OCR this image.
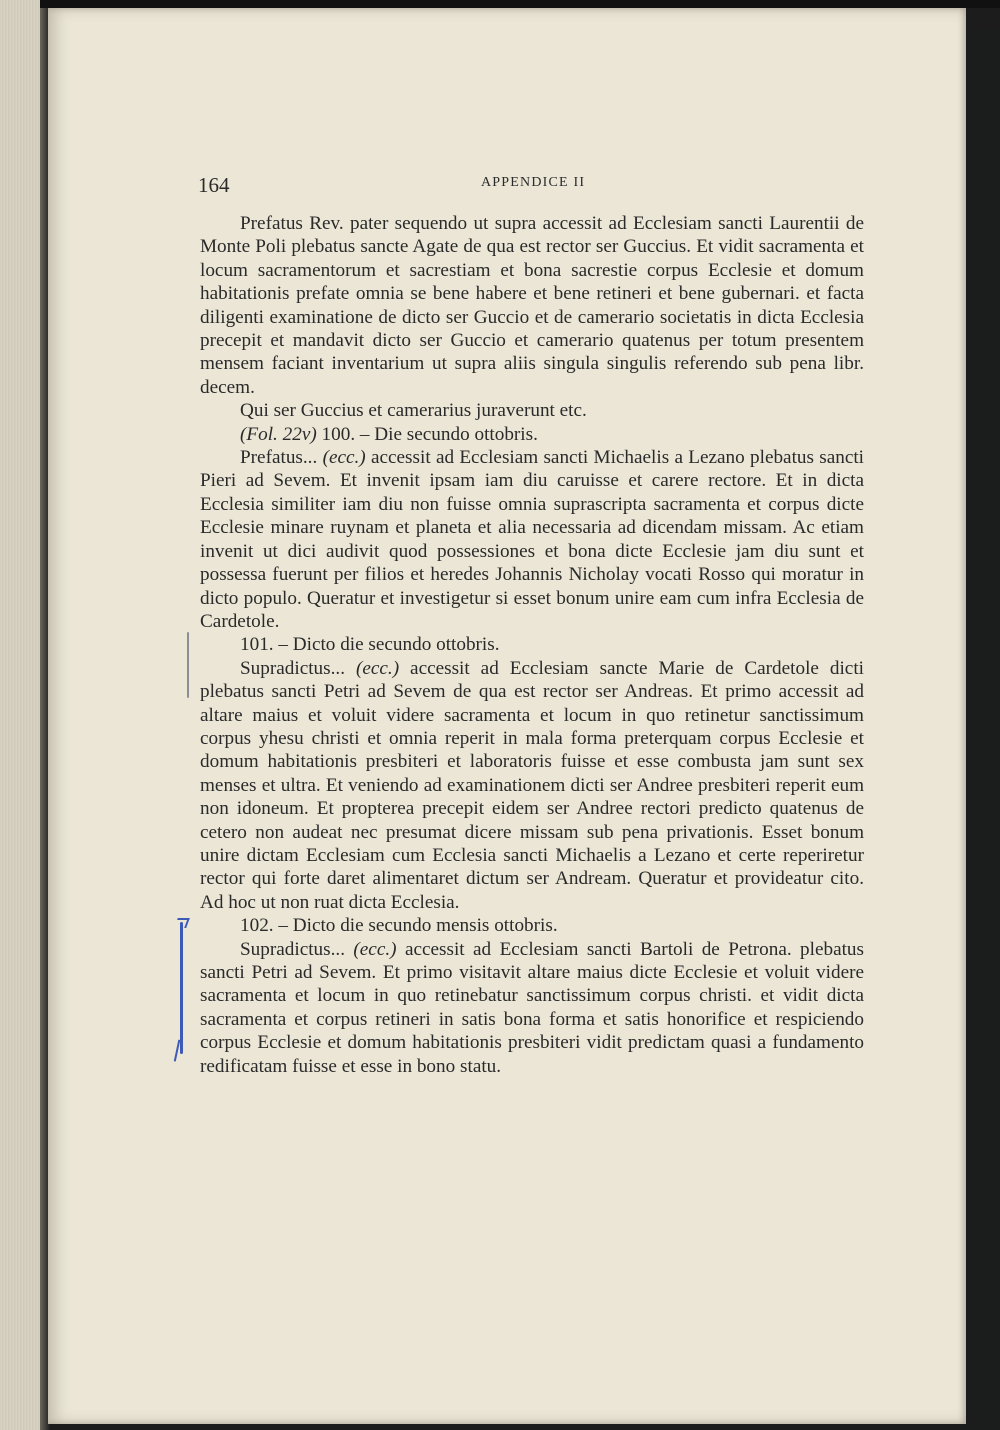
164	APPENDICE II

Prefatus Rev. pater sequendo ut supra accessit ad Ecclesiam sancti Laurentii de Monte Poli plebatus sancte Agate de qua est rector ser Guccius. Et vidit sacramenta et locum sacramentorum et sacrestiam et bona sacrestie corpus Ecclesie et domum habitationis prefate omnia se bene habere et bene retineri et bene gubernari. et facta diligenti examinatione de dicto ser Guccio et de camerario societatis in dicta Ecclesia precepit et mandavit dicto ser Guccio et camerario quatenus per totum presentem mensem faciant inventarium ut supra aliis singula singulis referendo sub pena libr. decem.

Qui ser Guccius et camerarius juraverunt etc.

(Fol. 22v) 100. – Die secundo ottobris.

Prefatus... (ecc.) accessit ad Ecclesiam sancti Michaelis a Lezano plebatus sancti Pieri ad Sevem. Et invenit ipsam iam diu caruisse et carere rectore. Et in dicta Ecclesia similiter iam diu non fuisse omnia suprascripta sacramenta et corpus dicte Ecclesie minare ruynam et planeta et alia necessaria ad dicendam missam. Ac etiam invenit ut dici audivit quod possessiones et bona dicte Ecclesie jam diu sunt et possessa fuerunt per filios et heredes Johannis Nicholay vocati Rosso qui moratur in dicto populo. Queratur et investigetur si esset bonum unire eam cum infra Ecclesia de Cardetole.

101. – Dicto die secundo ottobris.

Supradictus... (ecc.) accessit ad Ecclesiam sancte Marie de Cardetole dicti plebatus sancti Petri ad Sevem de qua est rector ser Andreas. Et primo accessit ad altare maius et voluit videre sacramenta et locum in quo retinetur sanctissimum corpus yhesu christi et omnia reperit in mala forma preterquam corpus Ecclesie et domum habitationis presbiteri et laboratoris fuisse et esse combusta jam sunt sex menses et ultra. Et veniendo ad examinationem dicti ser Andree presbiteri reperit eum non idoneum. Et propterea precepit eidem ser Andree rectori predicto quatenus de cetero non audeat nec presumat dicere missam sub pena privationis. Esset bonum unire dictam Ecclesiam cum Ecclesia sancti Michaelis a Lezano et certe reperiretur rector qui forte daret alimentaret dictum ser Andream. Queratur et provideatur cito. Ad hoc ut non ruat dicta Ecclesia.

102. – Dicto die secundo mensis ottobris.

Supradictus... (ecc.) accessit ad Ecclesiam sancti Bartoli de Petrona. plebatus sancti Petri ad Sevem. Et primo visitavit altare maius dicte Ecclesie et voluit videre sacramenta et locum in quo retinebatur sanctissimum corpus christi. et vidit dicta sacramenta et corpus retineri in satis bona forma et satis honorifice et respiciendo corpus Ecclesie et domum habitationis presbiteri vidit predictam quasi a fundamento redificatam fuisse et esse in bono statu.
